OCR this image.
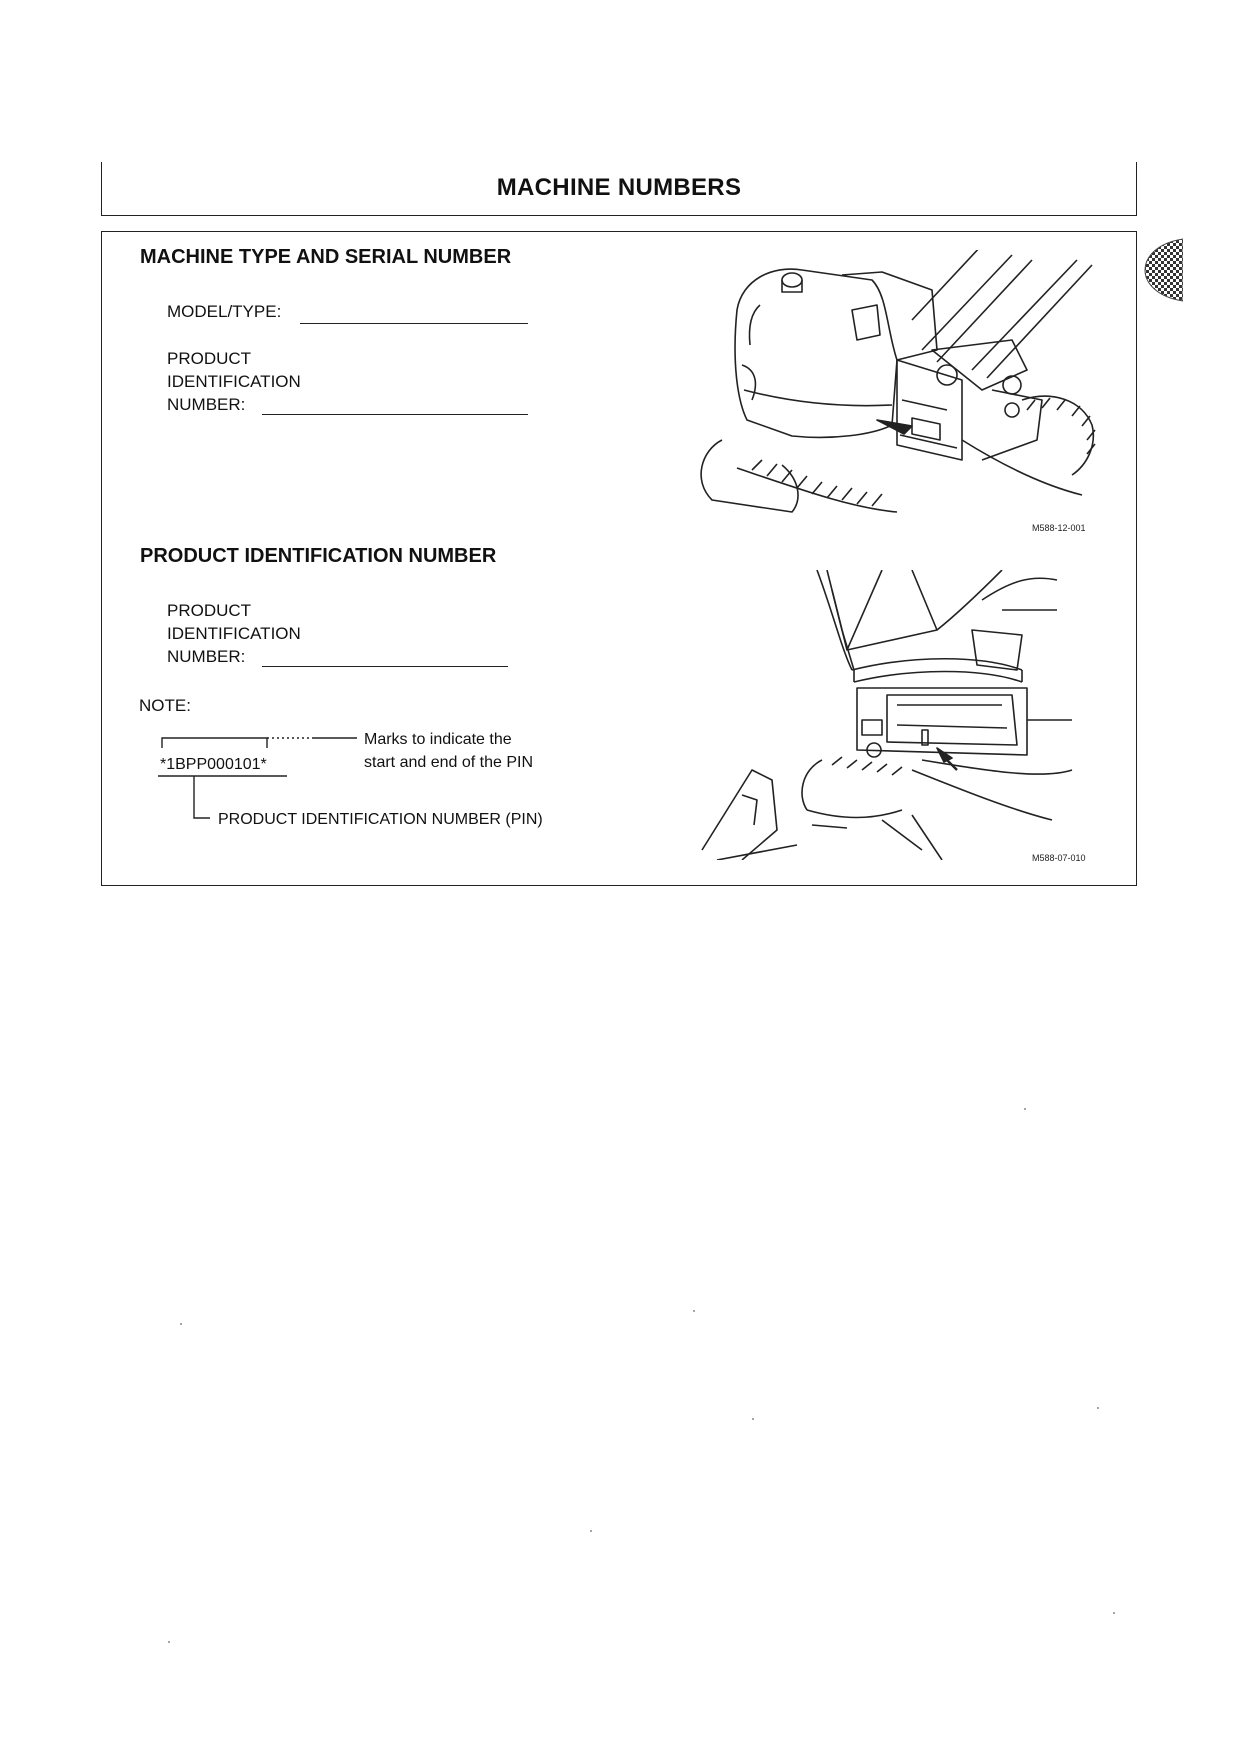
MACHINE NUMBERS
MACHINE TYPE AND SERIAL NUMBER
MODEL/TYPE:
PRODUCT
IDENTIFICATION
NUMBER:
M588-12-001
PRODUCT IDENTIFICATION NUMBER
PRODUCT
IDENTIFICATION
NUMBER:
NOTE:
*1BPP000101*
Marks to indicate the
start and end of the PIN
PRODUCT IDENTIFICATION NUMBER (PIN)
M588-07-010
